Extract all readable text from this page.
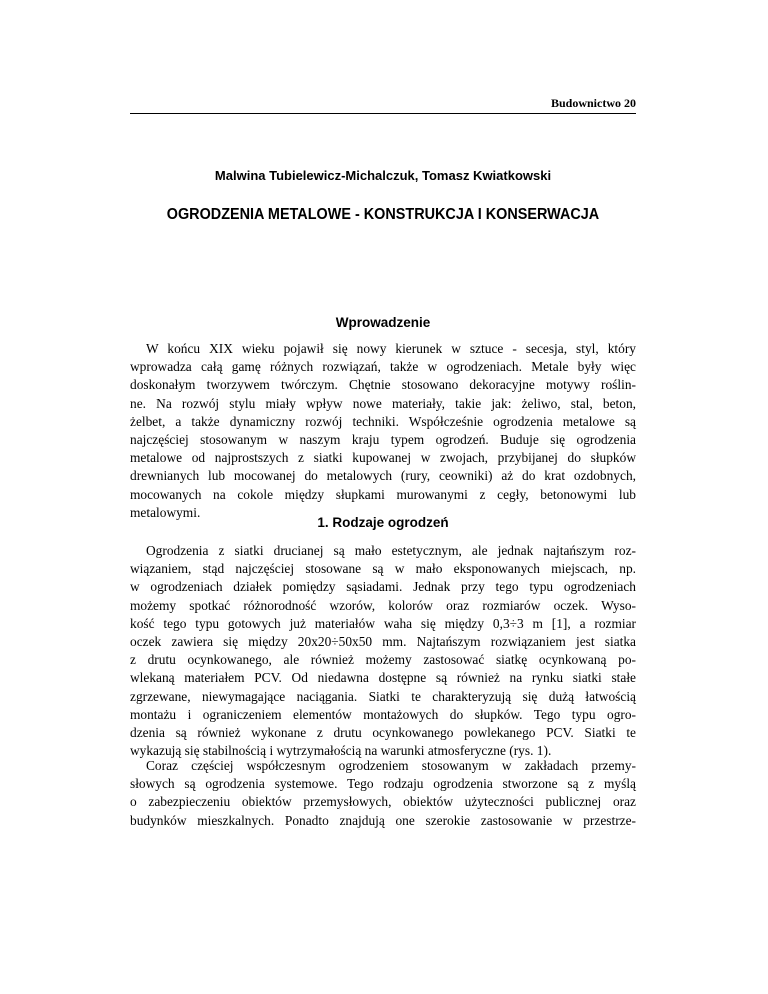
Budownictwo 20
Malwina Tubielewicz-Michalczuk, Tomasz Kwiatkowski
OGRODZENIA METALOWE - KONSTRUKCJA I KONSERWACJA
Wprowadzenie
W końcu XIX wieku pojawił się nowy kierunek w sztuce - secesja, styl, który
wprowadza całą gamę różnych rozwiązań, także w ogrodzeniach. Metale były więc
doskonałym tworzywem twórczym. Chętnie stosowano dekoracyjne motywy roślin-
ne. Na rozwój stylu miały wpływ nowe materiały, takie jak: żeliwo, stal, beton,
żelbet, a także dynamiczny rozwój techniki. Współcześnie ogrodzenia metalowe są
najczęściej stosowanym w naszym kraju typem ogrodzeń. Buduje się ogrodzenia
metalowe od najprostszych z siatki kupowanej w zwojach, przybijanej do słupków
drewnianych lub mocowanej do metalowych (rury, ceowniki) aż do krat ozdobnych,
mocowanych na cokole między słupkami murowanymi z cegły, betonowymi lub
metalowymi.
1. Rodzaje ogrodzeń
Ogrodzenia z siatki drucianej są mało estetycznym, ale jednak najtańszym roz-
wiązaniem, stąd najczęściej stosowane są w mało eksponowanych miejscach, np.
w ogrodzeniach działek pomiędzy sąsiadami. Jednak przy tego typu ogrodzeniach
możemy spotkać różnorodność wzorów, kolorów oraz rozmiarów oczek. Wyso-
kość tego typu gotowych już materiałów waha się między 0,3÷3 m [1], a rozmiar
oczek zawiera się między 20x20÷50x50 mm. Najtańszym rozwiązaniem jest siatka
z drutu ocynkowanego, ale również możemy zastosować siatkę ocynkowaną po-
wlekaną materiałem PCV. Od niedawna dostępne są również na rynku siatki stałe
zgrzewane, niewymagające naciągania. Siatki te charakteryzują się dużą łatwością
montażu i ograniczeniem elementów montażowych do słupków. Tego typu ogro-
dzenia są również wykonane z drutu ocynkowanego powlekanego PCV. Siatki te
wykazują się stabilnością i wytrzymałością na warunki atmosferyczne (rys. 1).
Coraz częściej współczesnym ogrodzeniem stosowanym w zakładach przemy-
słowych są ogrodzenia systemowe. Tego rodzaju ogrodzenia stworzone są z myślą
o zabezpieczeniu obiektów przemysłowych, obiektów użyteczności publicznej oraz
budynków mieszkalnych. Ponadto znajdują one szerokie zastosowanie w przestrze-
